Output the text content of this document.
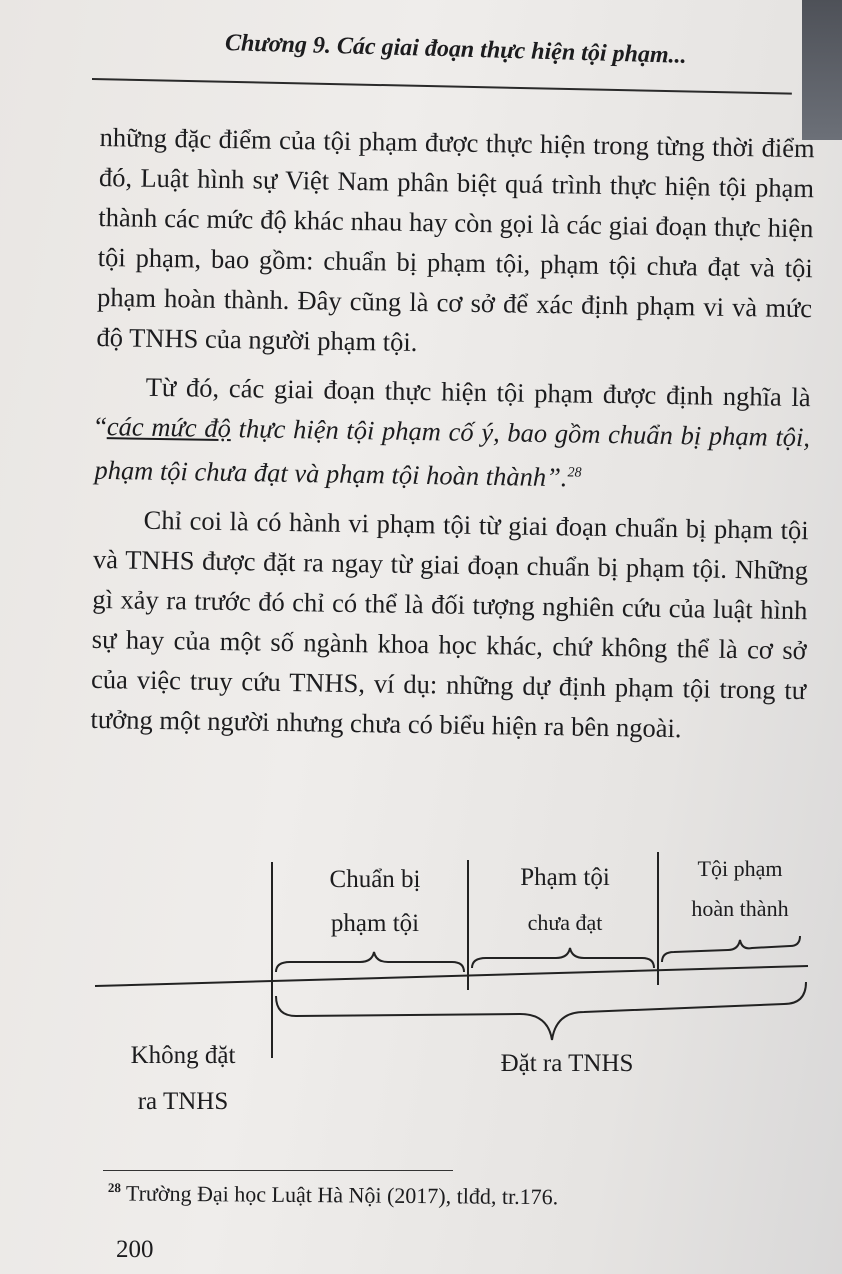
Chương 9. Các giai đoạn thực hiện tội phạm...

những đặc điểm của tội phạm được thực hiện trong từng thời điểm đó, Luật hình sự Việt Nam phân biệt quá trình thực hiện tội phạm thành các mức độ khác nhau hay còn gọi là các giai đoạn thực hiện tội phạm, bao gồm: chuẩn bị phạm tội, phạm tội chưa đạt và tội phạm hoàn thành. Đây cũng là cơ sở để xác định phạm vi và mức độ TNHS của người phạm tội.

Từ đó, các giai đoạn thực hiện tội phạm được định nghĩa là “các mức độ thực hiện tội phạm cố ý, bao gồm chuẩn bị phạm tội, phạm tội chưa đạt và phạm tội hoàn thành”.$^{28}$

Chỉ coi là có hành vi phạm tội từ giai đoạn chuẩn bị phạm tội và TNHS được đặt ra ngay từ giai đoạn chuẩn bị phạm tội. Những gì xảy ra trước đó chỉ có thể là đối tượng nghiên cứu của luật hình sự hay của một số ngành khoa học khác, chứ không thể là cơ sở của việc truy cứu TNHS, ví dụ: những dự định phạm tội trong tư tưởng một người nhưng chưa có biểu hiện ra bên ngoài.

Chuẩn bị
phạm tội
Phạm tội
chưa đạt
Tội phạm
hoàn thành
Không đặt
ra TNHS
Đặt ra TNHS
$^{28}$ Trường Đại học Luật Hà Nội (2017), tlđd, tr.176.
200
